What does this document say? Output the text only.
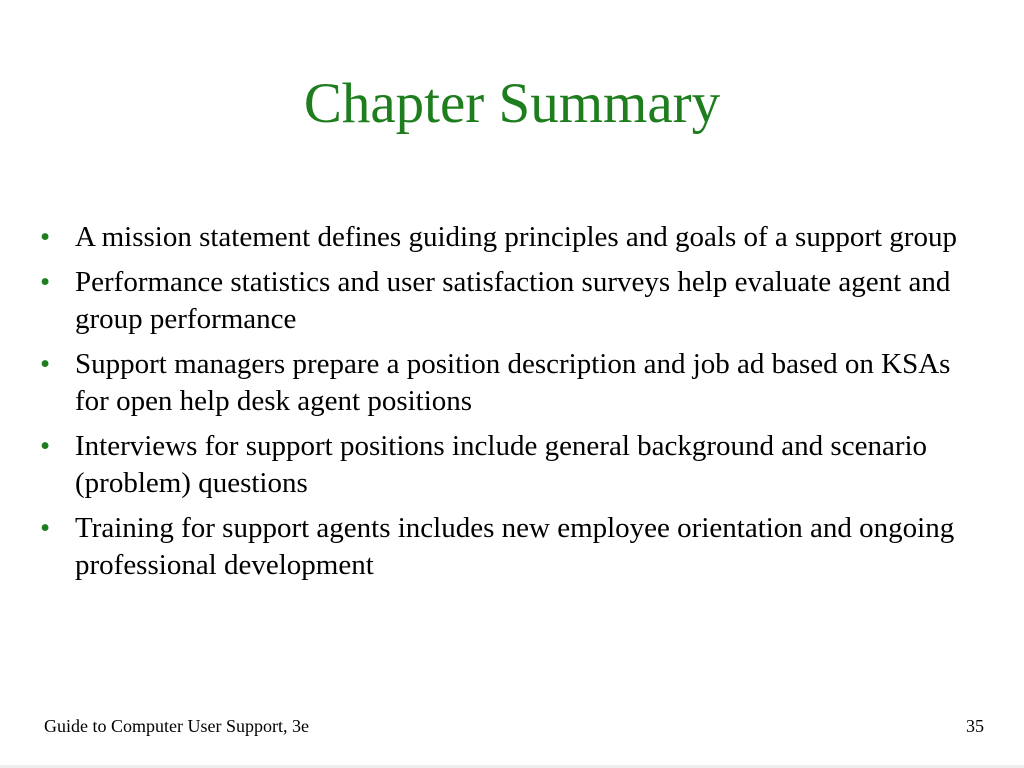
Chapter Summary
• A mission statement defines guiding principles and goals of a support group
• Performance statistics and user satisfaction surveys help evaluate agent and group performance
• Support managers prepare a position description and job ad based on KSAs for open help desk agent positions
• Interviews for support positions include general background and scenario (problem) questions
• Training for support agents includes new employee orientation and ongoing professional development
Guide to Computer User Support, 3e	35
